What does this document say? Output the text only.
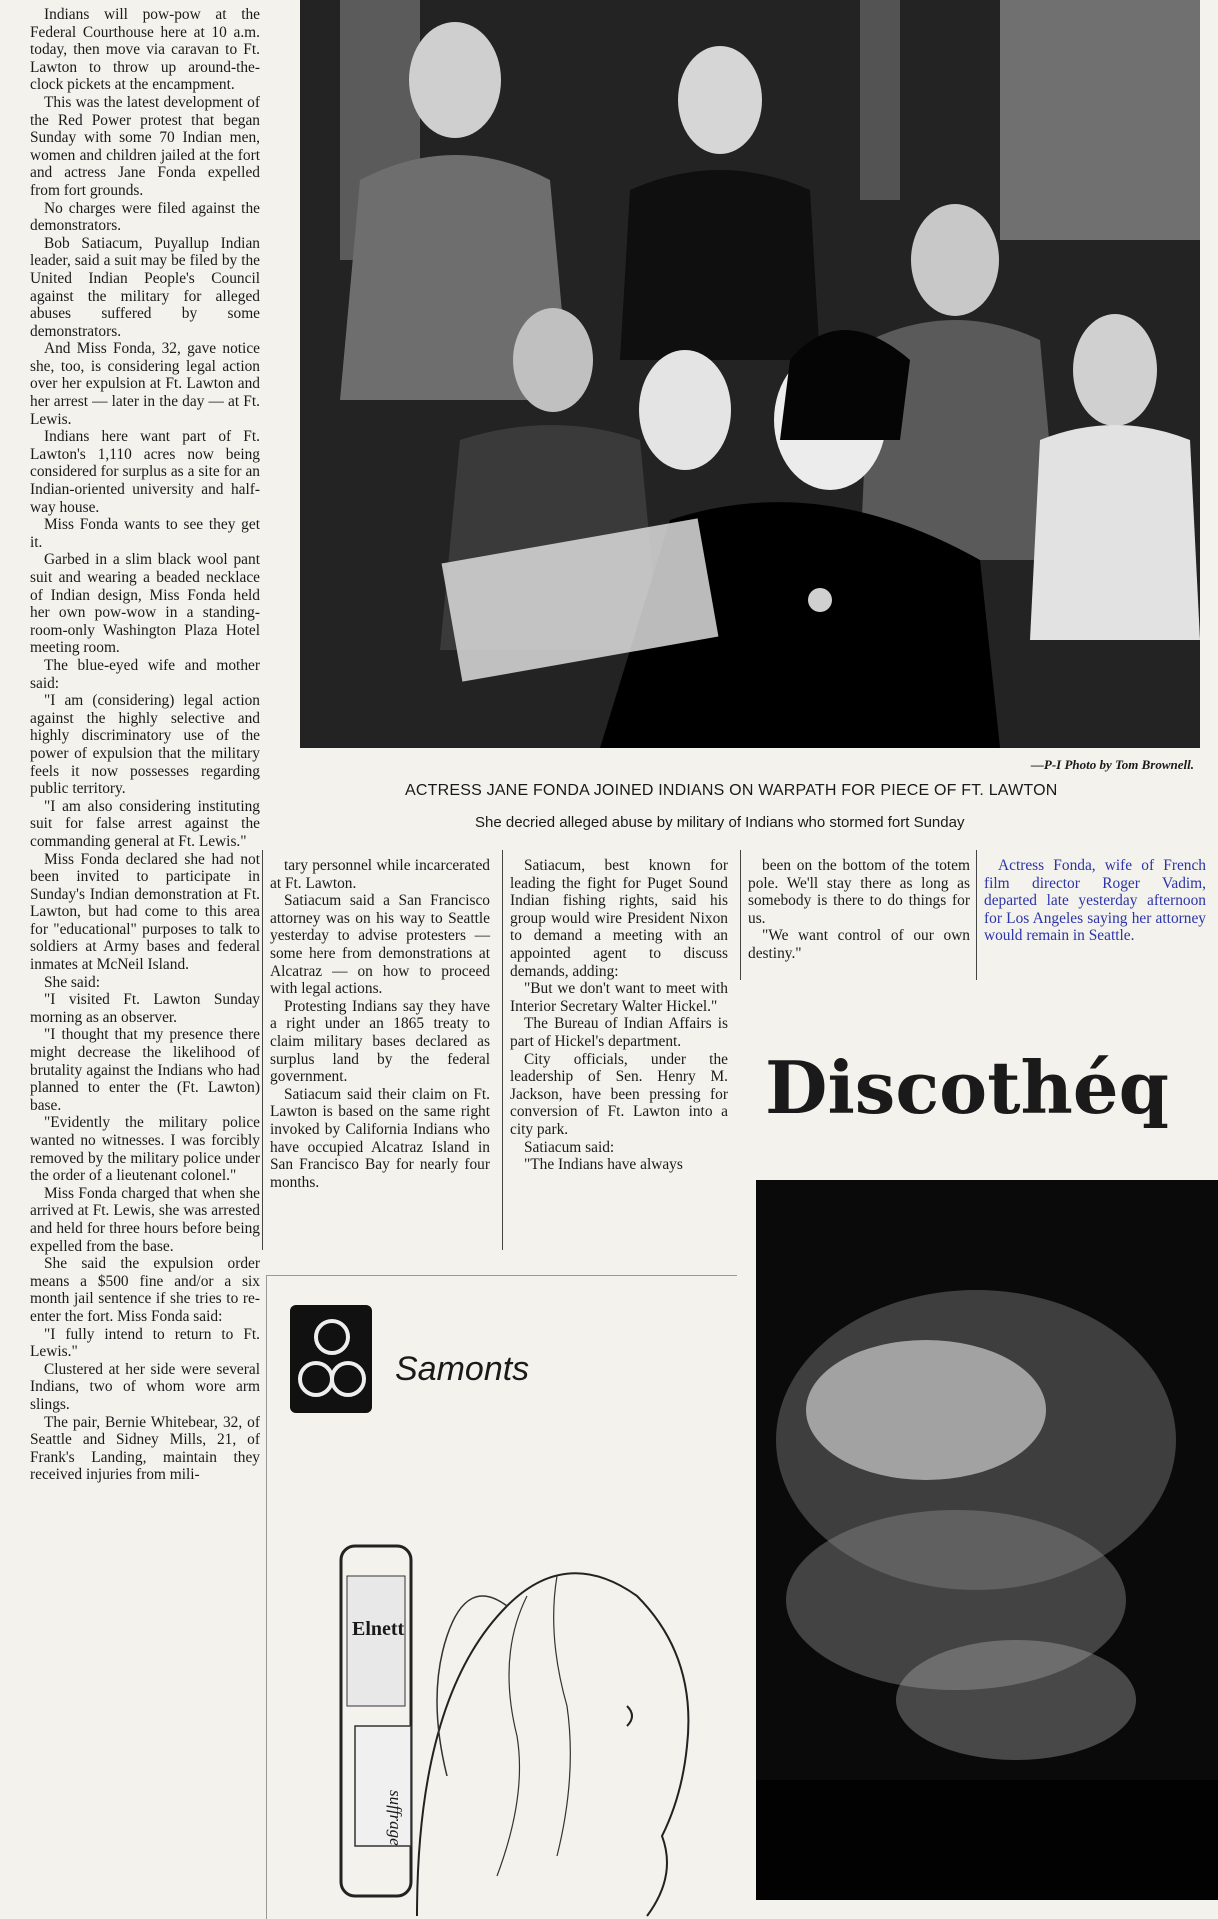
Indians will pow-pow at the Federal Courthouse here at 10 a.m. today, then move via caravan to Ft. Lawton to throw up around-the-clock pickets at the encampment.

This was the latest development of the Red Power protest that began Sunday with some 70 Indian men, women and children jailed at the fort and actress Jane Fonda expelled from fort grounds.

No charges were filed against the demonstrators.

Bob Satiacum, Puyallup Indian leader, said a suit may be filed by the United Indian People's Council against the military for alleged abuses suffered by some demonstrators.

And Miss Fonda, 32, gave notice she, too, is considering legal action over her expulsion at Ft. Lawton and her arrest — later in the day — at Ft. Lewis.

Indians here want part of Ft. Lawton's 1,110 acres now being considered for surplus as a site for an Indian-oriented university and half-way house.

Miss Fonda wants to see they get it.

Garbed in a slim black wool pant suit and wearing a beaded necklace of Indian design, Miss Fonda held her own pow-wow in a standing-room-only Washington Plaza Hotel meeting room.

The blue-eyed wife and mother said:

"I am (considering) legal action against the highly selective and highly discriminatory use of the power of expulsion that the military feels it now possesses regarding public territory.

"I am also considering instituting suit for false arrest against the commanding general at Ft. Lewis."

Miss Fonda declared she had not been invited to participate in Sunday's Indian demonstration at Ft. Lawton, but had come to this area for "educational" purposes to talk to soldiers at Army bases and federal inmates at McNeil Island.

She said:

"I visited Ft. Lawton Sunday morning as an observer.

"I thought that my presence there might decrease the likelihood of brutality against the Indians who had planned to enter the (Ft. Lawton) base.

"Evidently the military police wanted no witnesses. I was forcibly removed by the military police under the order of a lieutenant colonel."

Miss Fonda charged that when she arrived at Ft. Lewis, she was arrested and held for three hours before being expelled from the base.

She said the expulsion order means a $500 fine and/or a six month jail sentence if she tries to re-enter the fort. Miss Fonda said:

"I fully intend to return to Ft. Lewis."

Clustered at her side were several Indians, two of whom wore arm slings.

The pair, Bernie Whitebear, 32, of Seattle and Sidney Mills, 21, of Frank's Landing, maintain they received injuries from mili-

tary personnel while incarcerated at Ft. Lawton.

Satiacum said a San Francisco attorney was on his way to Seattle yesterday to advise protesters — some here from demonstrations at Alcatraz — on how to proceed with legal actions.

Protesting Indians say they have a right under an 1865 treaty to claim military bases declared as surplus land by the federal government.

Satiacum said their claim on Ft. Lawton is based on the same right invoked by California Indians who have occupied Alcatraz Island in San Francisco Bay for nearly four months.

Satiacum, best known for leading the fight for Puget Sound Indian fishing rights, said his group would wire President Nixon to demand a meeting with an appointed agent to discuss demands, adding:

"But we don't want to meet with Interior Secretary Walter Hickel."

The Bureau of Indian Affairs is part of Hickel's department.

City officials, under the leadership of Sen. Henry M. Jackson, have been pressing for conversion of Ft. Lawton into a city park.

Satiacum said:

"The Indians have always

been on the bottom of the totem pole. We'll stay there as long as somebody is there to do things for us.

"We want control of our own destiny."

Actress Fonda, wife of French film director Roger Vadim, departed late yesterday afternoon for Los Angeles saying her attorney would remain in Seattle.

—P-I Photo by Tom Brownell.
ACTRESS JANE FONDA JOINED INDIANS ON WARPATH FOR PIECE OF FT. LAWTON
She decried alleged abuse by military of Indians who stormed fort Sunday
Discothéq
Samonts
Elnett
suffrage
